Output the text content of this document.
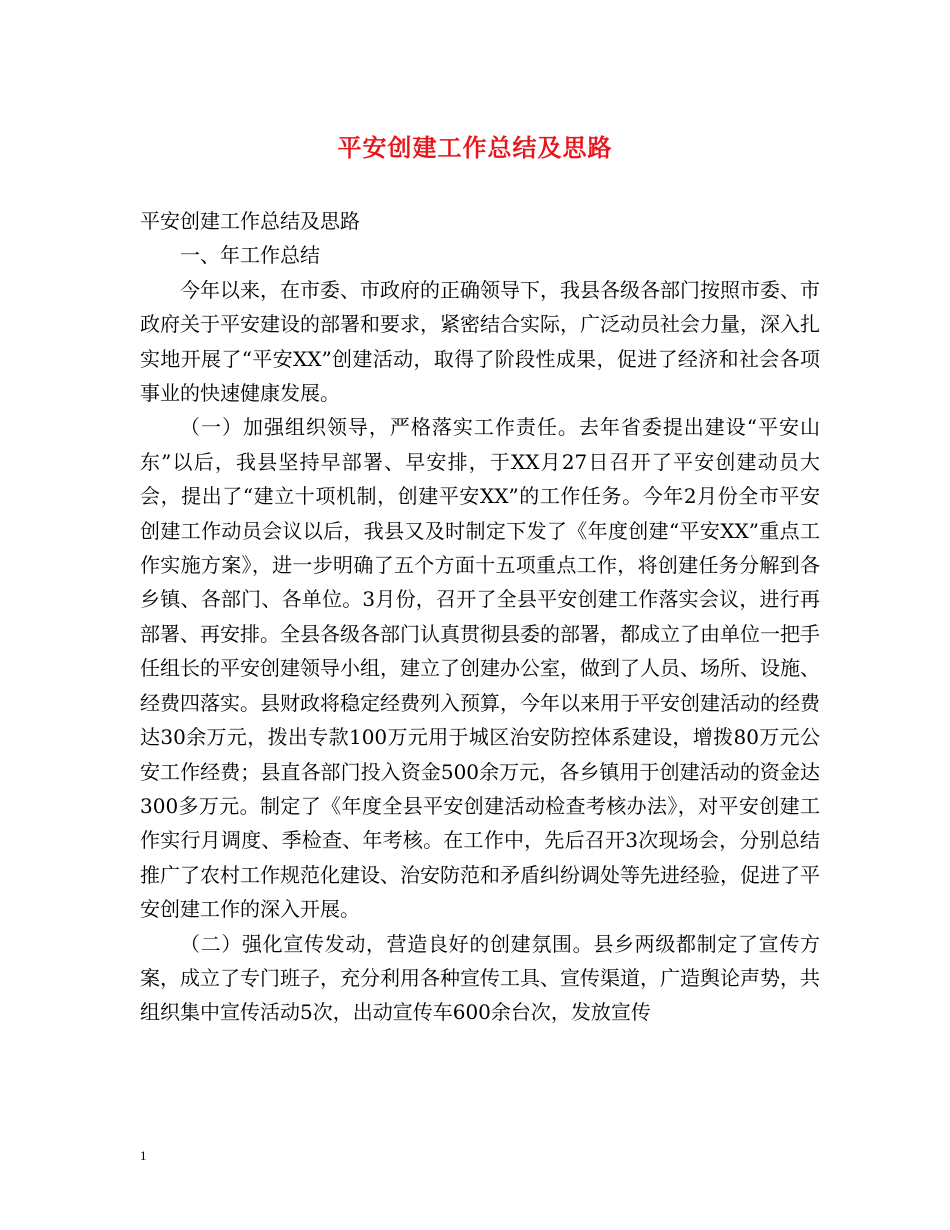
平安创建工作总结及思路

平安创建工作总结及思路

一、年工作总结

今年以来，在市委、市政府的正确领导下，我县各级各部门按照市委、市政府关于平安建设的部署和要求，紧密结合实际，广泛动员社会力量，深入扎实地开展了“平安XX”创建活动，取得了阶段性成果，促进了经济和社会各项事业的快速健康发展。

（一）加强组织领导，严格落实工作责任。去年省委提出建设“平安山东”以后，我县坚持早部署、早安排，于XX月27日召开了平安创建动员大会，提出了“建立十项机制，创建平安XX”的工作任务。今年2月份全市平安创建工作动员会议以后，我县又及时制定下发了《年度创建“平安XX”重点工作实施方案》，进一步明确了五个方面十五项重点工作，将创建任务分解到各乡镇、各部门、各单位。3月份，召开了全县平安创建工作落实会议，进行再部署、再安排。全县各级各部门认真贯彻县委的部署，都成立了由单位一把手任组长的平安创建领导小组，建立了创建办公室，做到了人员、场所、设施、经费四落实。县财政将稳定经费列入预算，今年以来用于平安创建活动的经费达30余万元，拨出专款100万元用于城区治安防控体系建设，增拨80万元公安工作经费；县直各部门投入资金500余万元，各乡镇用于创建活动的资金达300多万元。制定了《年度全县平安创建活动检查考核办法》，对平安创建工作实行月调度、季检查、年考核。在工作中，先后召开3次现场会，分别总结推广了农村工作规范化建设、治安防范和矛盾纠纷调处等先进经验，促进了平安创建工作的深入开展。

（二）强化宣传发动，营造良好的创建氛围。县乡两级都制定了宣传方案，成立了专门班子，充分利用各种宣传工具、宣传渠道，广造舆论声势，共组织集中宣传活动5次，出动宣传车600余台次，发放宣传

1
